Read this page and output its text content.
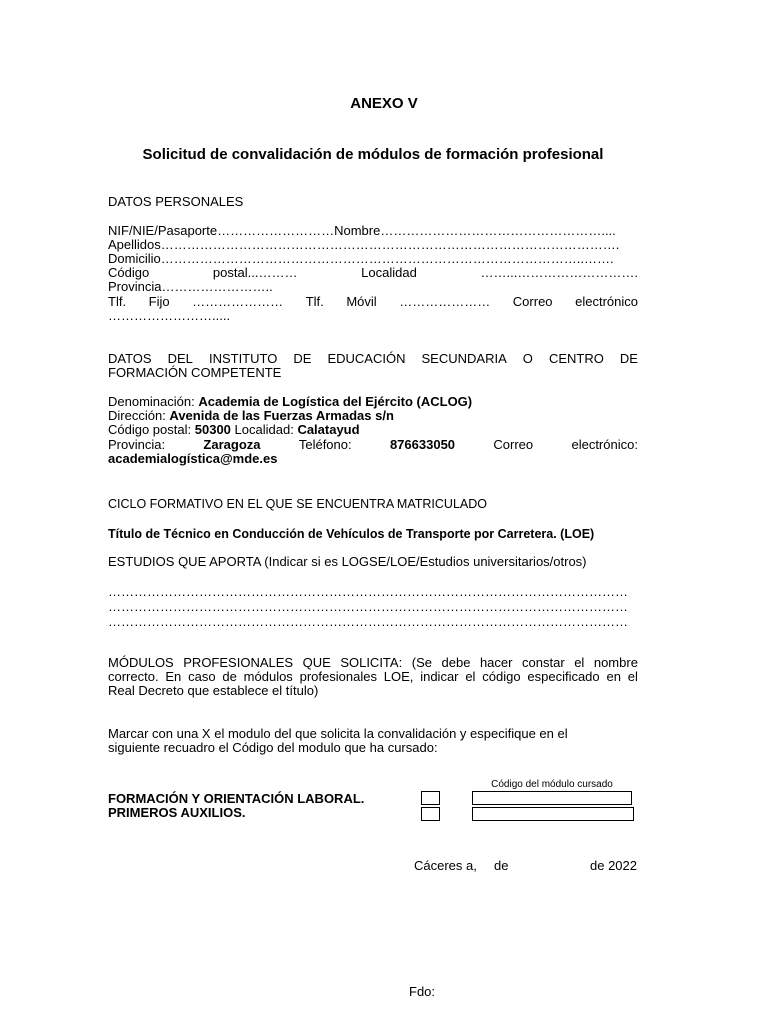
ANEXO V
Solicitud de convalidación de módulos de formación profesional
DATOS PERSONALES
NIF/NIE/Pasaporte………………………Nombre……………………………………………....
Apellidos…………………………………………………………………………………………….
Domicilio……………………………………………………………………………………..…….
Código	postal...………	Localidad	……...……………………….
Provincia……………………..
Tlf. Fijo ………………… Tlf. Móvil ………………… Correo electrónico
…………………….....
DATOS DEL INSTITUTO DE EDUCACIÓN SECUNDARIA O CENTRO DE
FORMACIÓN COMPETENTE
Denominación: Academia de Logística del Ejército (ACLOG)
Dirección: Avenida de las Fuerzas Armadas s/n
Código postal: 50300 Localidad: Calatayud
Provincia:	Zaragoza	Teléfono:	876633050	Correo	electrónico:
academialogística@mde.es
CICLO FORMATIVO EN EL QUE SE ENCUENTRA MATRICULADO
Título de Técnico en Conducción de Vehículos de Transporte por Carretera. (LOE)
ESTUDIOS QUE APORTA (Indicar si es LOGSE/LOE/Estudios universitarios/otros)
…………………………………………………………………………………………………………
…………………………………………………………………………………………………………
…………………………………………………………………………………………………………
MÓDULOS PROFESIONALES QUE SOLICITA: (Se debe hacer constar el nombre
correcto. En caso de módulos profesionales LOE, indicar el código especificado en el
Real Decreto que establece el título)
Marcar con una X el modulo del que solicita la convalidación y especifique en el
siguiente recuadro el Código del modulo que ha cursado:
Código del módulo cursado
FORMACIÓN Y ORIENTACIÓN LABORAL.
PRIMEROS AUXILIOS.
Cáceres a, de	de 2022
Fdo:
